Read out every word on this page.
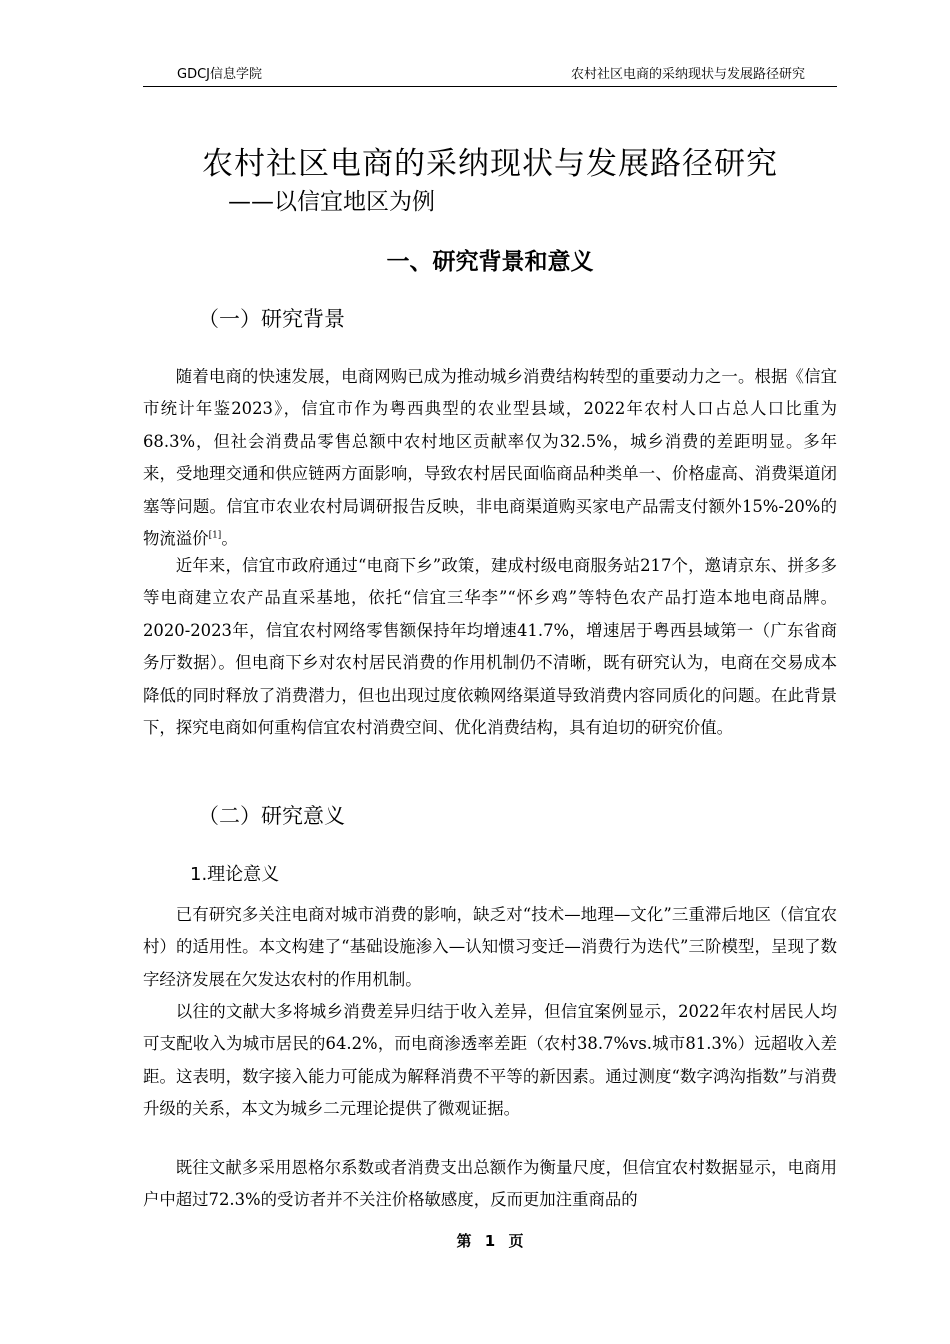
GDCJ信息学院	农村社区电商的采纳现状与发展路径研究
农村社区电商的采纳现状与发展路径研究
——以信宜地区为例
一、研究背景和意义
（一）研究背景

随着电商的快速发展，电商网购已成为推动城乡消费结构转型的重要动力之一。根据《信宜市统计年鉴2023》，信宜市作为粤西典型的农业型县域，2022年农村人口占总人口比重为68.3%，但社会消费品零售总额中农村地区贡献率仅为32.5%，城乡消费的差距明显。多年来，受地理交通和供应链两方面影响，导致农村居民面临商品种类单一、价格虚高、消费渠道闭塞等问题。信宜市农业农村局调研报告反映，非电商渠道购买家电产品需支付额外15%-20%的物流溢价[1]。

近年来，信宜市政府通过“电商下乡”政策，建成村级电商服务站217个，邀请京东、拼多多等电商建立农产品直采基地，依托“信宜三华李”“怀乡鸡”等特色农产品打造本地电商品牌。2020-2023年，信宜农村网络零售额保持年均增速41.7%，增速居于粤西县域第一（广东省商务厅数据）。但电商下乡对农村居民消费的作用机制仍不清晰，既有研究认为，电商在交易成本降低的同时释放了消费潜力，但也出现过度依赖网络渠道导致消费内容同质化的问题。在此背景下，探究电商如何重构信宜农村消费空间、优化消费结构，具有迫切的研究价值。

（二）研究意义
1.理论意义

已有研究多关注电商对城市消费的影响，缺乏对“技术—地理—文化”三重滞后地区（信宜农村）的适用性。本文构建了“基础设施渗入—认知惯习变迁—消费行为迭代”三阶模型，呈现了数字经济发展在欠发达农村的作用机制。

以往的文献大多将城乡消费差异归结于收入差异，但信宜案例显示，2022年农村居民人均可支配收入为城市居民的64.2%，而电商渗透率差距（农村38.7%vs.城市81.3%）远超收入差距。这表明，数字接入能力可能成为解释消费不平等的新因素。通过测度“数字鸿沟指数”与消费升级的关系，本文为城乡二元理论提供了微观证据。

既往文献多采用恩格尔系数或者消费支出总额作为衡量尺度，但信宜农村数据显示，电商用户中超过72.3%的受访者并不关注价格敏感度，反而更加注重商品的

第 1 页
